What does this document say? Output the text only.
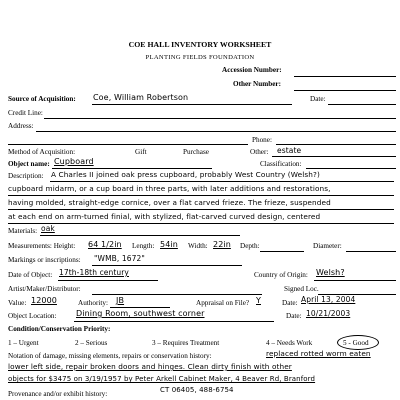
COE HALL INVENTORY WORKSHEET
PLANTING FIELDS FOUNDATION
Accession Number:
Other Number:
Source of Acquisition: Coe, William Robertson	Date:
Credit Line:
Address:
Phone:
Method of Acquisition:	Gift	Purchase	Other: estate
Object name: Cupboard	Classification:
Description: A Charles II joined oak press cupboard, probably West Country (Welsh?)
cupboard midarm, or a cup board in three parts, with later additions and restorations,
having molded, straight-edge cornice, over a flat carved frieze. The frieze, suspended
at each end on arm-turned finial, with stylized, flat-carved curved design, centered
Materials: oak
Measurements: Height: 64 1/2in Length: 54in Width: 22in Depth:	Diameter:
Markings or inscriptions: "WMB, 1672"
Date of Object: 17th-18th century	Country of Origin: Welsh?
Artist/Maker/Distributor:	Signed Loc.
Value: 12000	Authority: JB	Appraisal on File? Y	Date: April 13, 2004
Object Location: Dining Room, southwest corner	Date: 10/21/2003
Condition/Conservation Priority:
1 – Urgent	2 – Serious	3 – Requires Treatment	4 – Needs Work	5 - Good
Notation of damage, missing elements, repairs or conservation history:	replaced rotted worm eaten
lower left side, repair broken doors and hinges. Clean dirty finish with other
objects for $3475 on 3/19/1957 by Peter Arkell Cabinet Maker, 4 Beaver Rd, Branford
CT 06405, 488-6754
Provenance and/or exhibit history:
